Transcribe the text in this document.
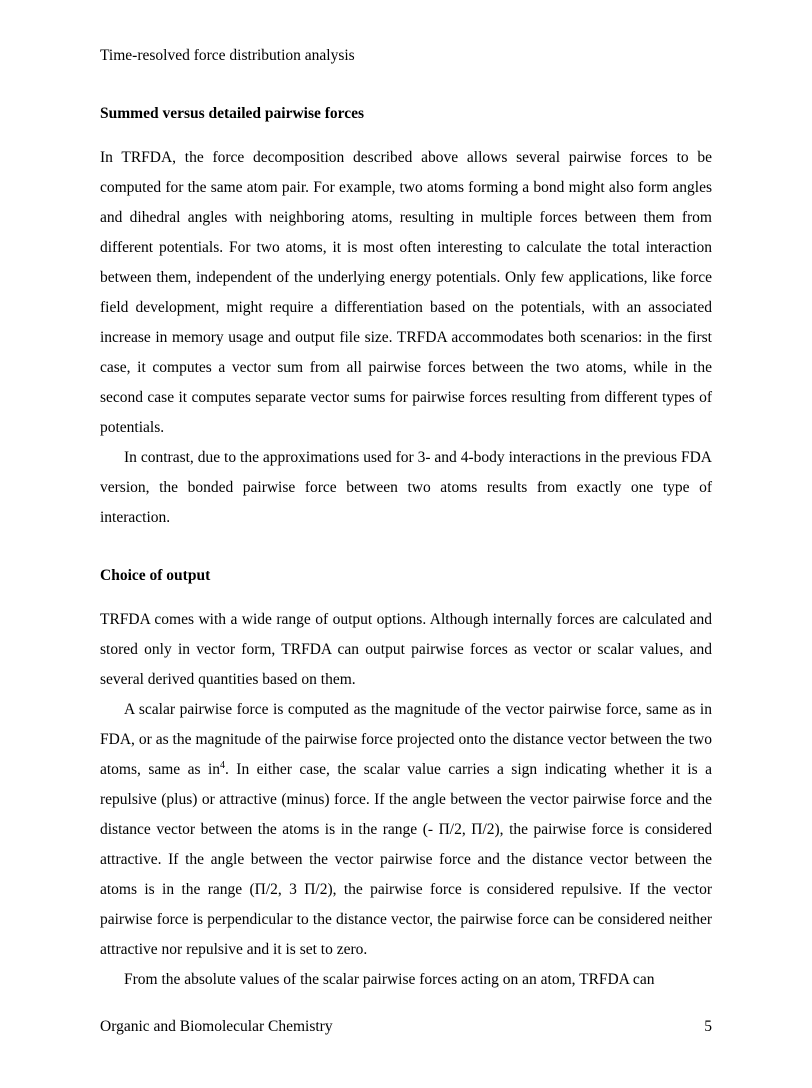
Time-resolved force distribution analysis
Summed versus detailed pairwise forces

In TRFDA, the force decomposition described above allows several pairwise forces to be computed for the same atom pair. For example, two atoms forming a bond might also form angles and dihedral angles with neighboring atoms, resulting in multiple forces between them from different potentials. For two atoms, it is most often interesting to calculate the total interaction between them, independent of the underlying energy potentials. Only few applications, like force field development, might require a differentiation based on the potentials, with an associated increase in memory usage and output file size. TRFDA accommodates both scenarios: in the first case, it computes a vector sum from all pairwise forces between the two atoms, while in the second case it computes separate vector sums for pairwise forces resulting from different types of potentials.

In contrast, due to the approximations used for 3- and 4-body interactions in the previous FDA version, the bonded pairwise force between two atoms results from exactly one type of interaction.

Choice of output

TRFDA comes with a wide range of output options. Although internally forces are calculated and stored only in vector form, TRFDA can output pairwise forces as vector or scalar values, and several derived quantities based on them.

A scalar pairwise force is computed as the magnitude of the vector pairwise force, same as in FDA, or as the magnitude of the pairwise force projected onto the distance vector between the two atoms, same as $in^4$. In either case, the scalar value carries a sign indicating whether it is a repulsive (plus) or attractive (minus) force. If the angle between the vector pairwise force and the distance vector between the atoms is in the range (- Π/2, Π/2), the pairwise force is considered attractive. If the angle between the vector pairwise force and the distance vector between the atoms is in the range (Π/2, 3 Π/2), the pairwise force is considered repulsive. If the vector pairwise force is perpendicular to the distance vector, the pairwise force can be considered neither attractive nor repulsive and it is set to zero.

From the absolute values of the scalar pairwise forces acting on an atom, TRFDA can

Organic and Biomolecular Chemistry	5
